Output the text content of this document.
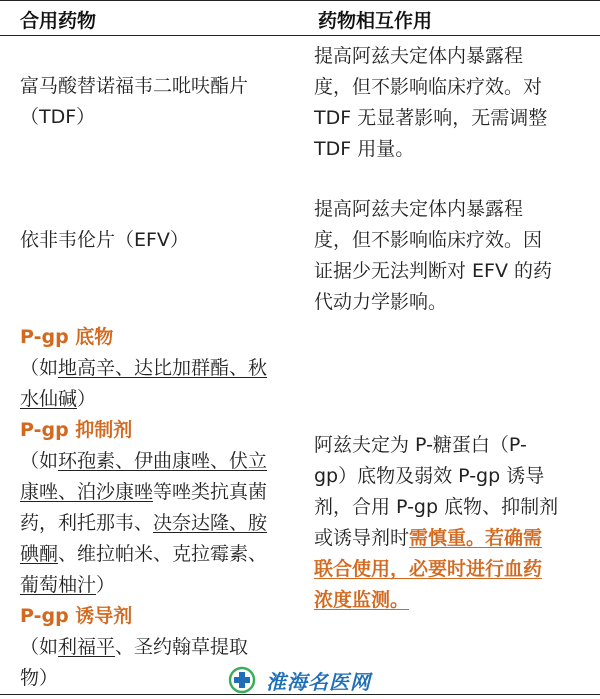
合用药物	药物相互作用
富马酸替诺福韦二吡呋酯片
（TDF）
提高阿兹夫定体内暴露程
度，但不影响临床疗效。对
TDF 无显著影响，无需调整
TDF 用量。
依非韦伦片（EFV）
提高阿兹夫定体内暴露程
度，但不影响临床疗效。因
证据少无法判断对 EFV 的药
代动力学影响。
P-gp 底物
（如地高辛、达比加群酯、秋
水仙碱）
P-gp 抑制剂
（如环孢素、伊曲康唑、伏立
康唑、泊沙康唑等唑类抗真菌
药，利托那韦、决奈达隆、胺
碘酮、维拉帕米、克拉霉素、
葡萄柚汁）
P-gp 诱导剂
（如利福平、圣约翰草提取
物）
阿兹夫定为 P-糖蛋白（P-
gp）底物及弱效 P-gp 诱导
剂，合用 P-gp 底物、抑制剂
或诱导剂时需慎重。若确需
联合使用，必要时进行血药
浓度监测。
淮海名医网
